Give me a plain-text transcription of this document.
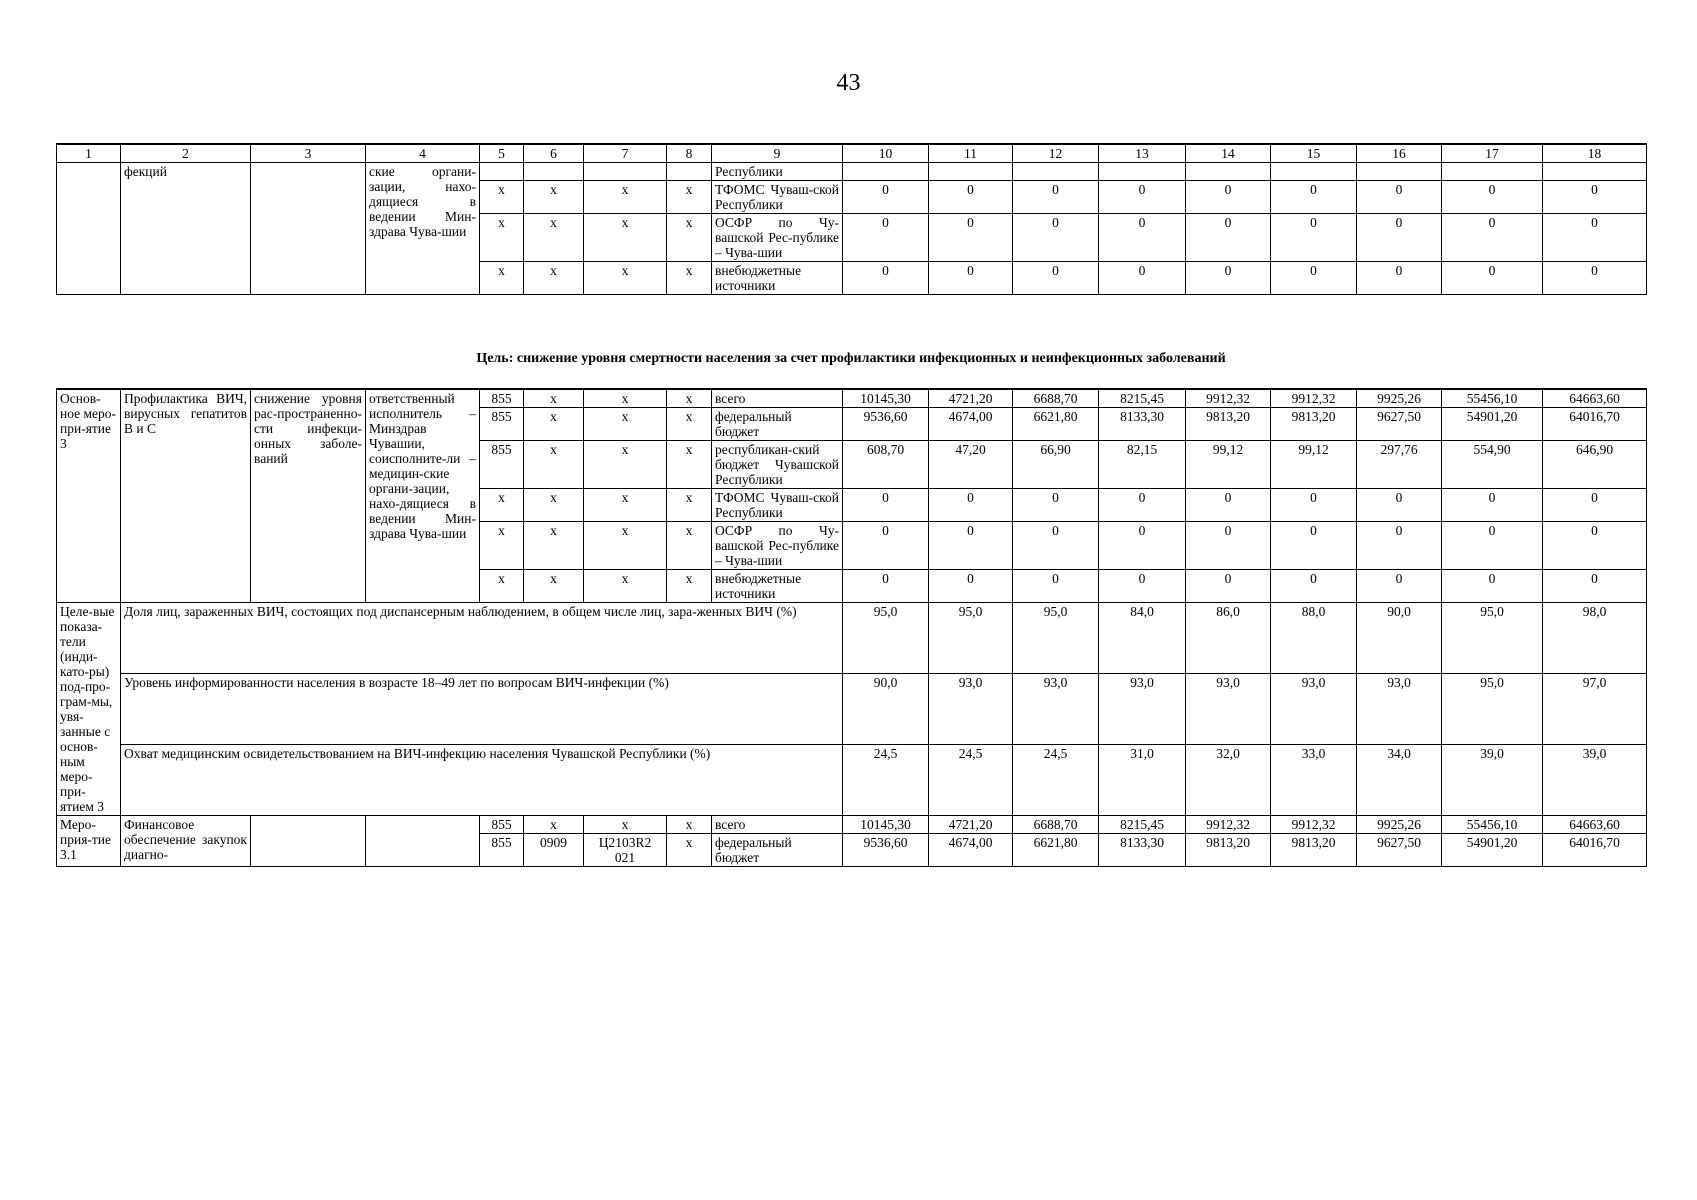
43
1	2	3	4	5	6	7	8	9	10	11	12	13	14	15	16	17	18
	фекций		ские органи-зации, нахо-дящиеся в ведении Мин-здрава Чува-шии					Республики									
				x	x	x	x	ТФОМС Чуваш-ской Республики	0	0	0	0	0	0	0	0	0
				x	x	x	x	ОСФР по Чу-вашской Рес-публике – Чува-шии	0	0	0	0	0	0	0	0	0
				x	x	x	x	внебюджетные источники	0	0	0	0	0	0	0	0	0
Цель: снижение уровня смертности населения за счет профилактики инфекционных и неинфекционных заболеваний
Основ-ное меро-при-ятие 3	Профилактика ВИЧ, вирусных гепатитов В и С	снижение уровня рас-пространенно-сти инфекци-онных заболе-ваний	ответственный исполнитель – Минздрав Чувашии, соисполните-ли – медицин-ские органи-зации, нахо-дящиеся в ведении Мин-здрава Чува-шии	855	x	x	x	всего	10145,30	4721,20	6688,70	8215,45	9912,32	9912,32	9925,26	55456,10	64663,60
				855	x	x	x	федеральный бюджет	9536,60	4674,00	6621,80	8133,30	9813,20	9813,20	9627,50	54901,20	64016,70
				855	x	x	x	республикан-ский бюджет Чувашской Республики	608,70	47,20	66,90	82,15	99,12	99,12	297,76	554,90	646,90
				x	x	x	x	ТФОМС Чуваш-ской Республики	0	0	0	0	0	0	0	0	0
				x	x	x	x	ОСФР по Чу-вашской Рес-публике – Чува-шии	0	0	0	0	0	0	0	0	0
				x	x	x	x	внебюджетные источники	0	0	0	0	0	0	0	0	0
Целе-вые показа-тели (инди-като-ры) под-про-грам-мы, увя-занные с основ-ным меро-при-ятием 3	Доля лиц, зараженных ВИЧ, состоящих под диспансерным наблюдением, в общем числе лиц, зара-женных ВИЧ (%)								95,0	95,0	95,0	84,0	86,0	88,0	90,0	95,0	98,0
	Уровень информированности населения в возрасте 18–49 лет по вопросам ВИЧ-инфекции (%)								90,0	93,0	93,0	93,0	93,0	93,0	93,0	95,0	97,0
	Охват медицинским освидетельствованием на ВИЧ-инфекцию населения Чувашской Республики (%)								24,5	24,5	24,5	31,0	32,0	33,0	34,0	39,0	39,0
Меро-прия-тие 3.1	Финансовое обеспечение закупок диагно-			855	x	x	x	всего	10145,30	4721,20	6688,70	8215,45	9912,32	9912,32	9925,26	55456,10	64663,60
				855	0909	Ц2103R2 021	x	федеральный бюджет	9536,60	4674,00	6621,80	8133,30	9813,20	9813,20	9627,50	54901,20	64016,70
